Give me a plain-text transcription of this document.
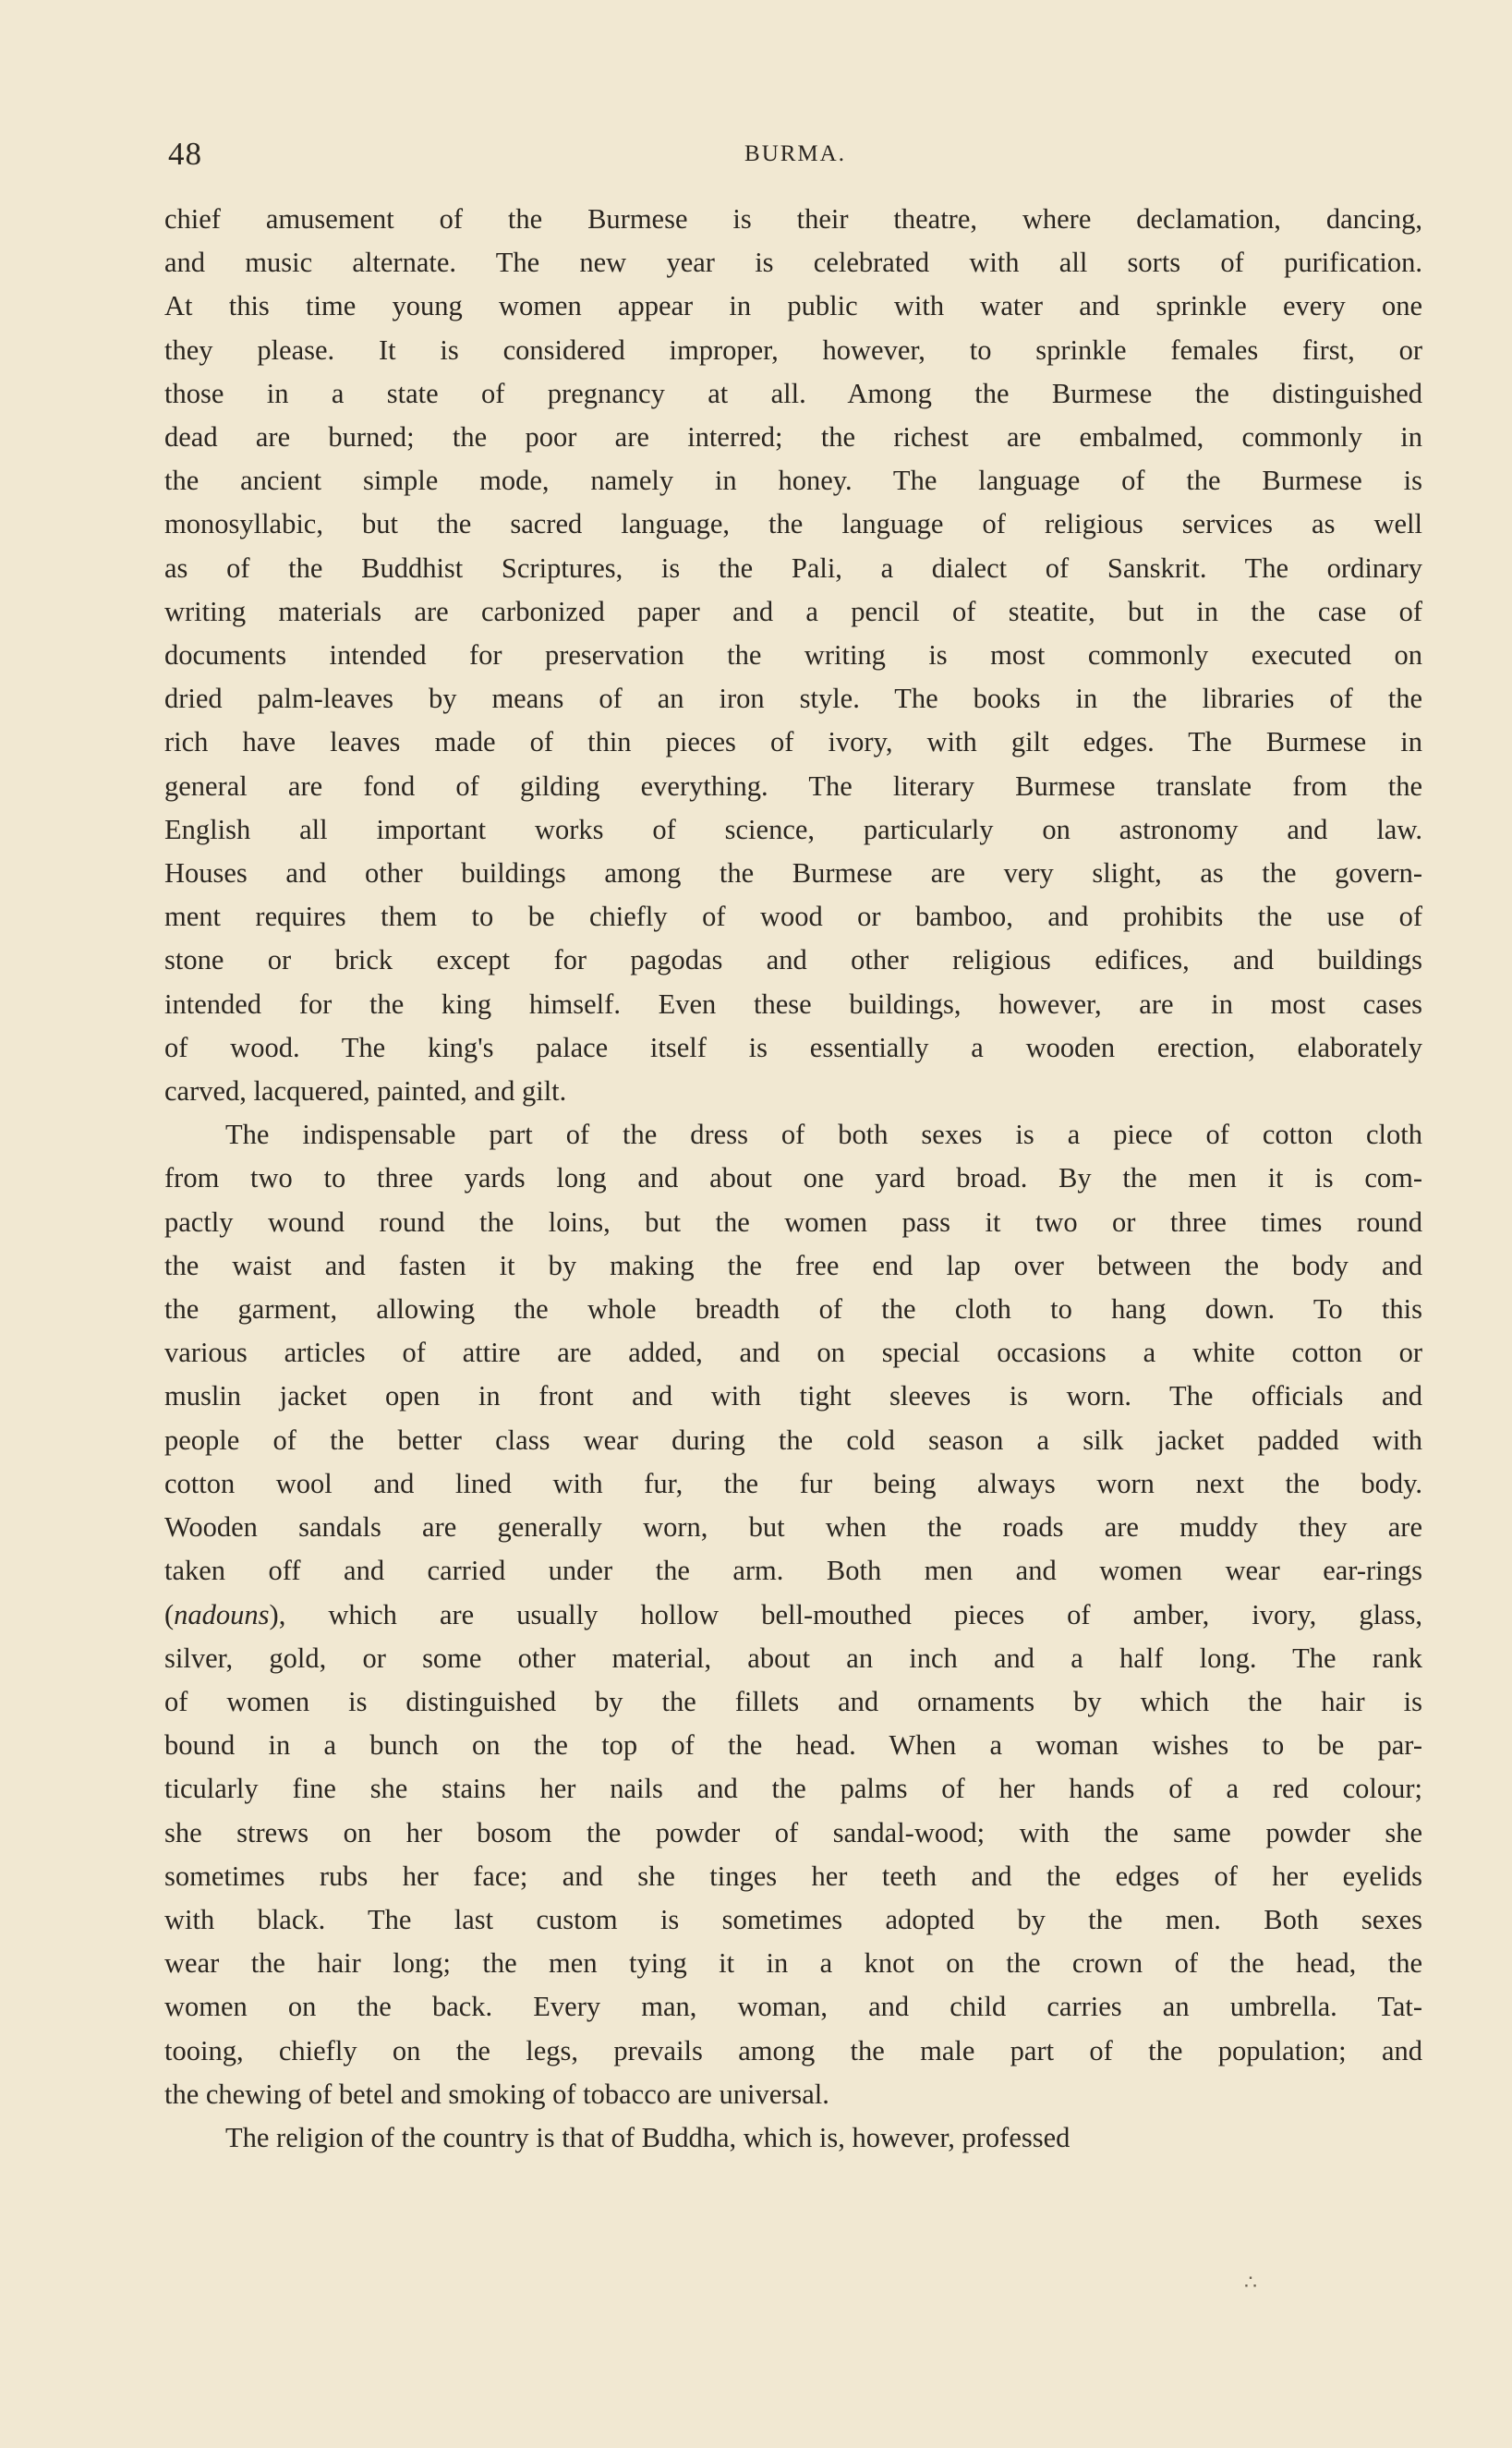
48	BURMA.
chief amusement of the Burmese is their theatre, where declamation, dancing,
and music alternate. The new year is celebrated with all sorts of purification.
At this time young women appear in public with water and sprinkle every one
they please. It is considered improper, however, to sprinkle females first, or
those in a state of pregnancy at all. Among the Burmese the distinguished
dead are burned; the poor are interred; the richest are embalmed, commonly in
the ancient simple mode, namely in honey. The language of the Burmese is
monosyllabic, but the sacred language, the language of religious services as well
as of the Buddhist Scriptures, is the Pali, a dialect of Sanskrit. The ordinary
writing materials are carbonized paper and a pencil of steatite, but in the case of
documents intended for preservation the writing is most commonly executed on
dried palm-leaves by means of an iron style. The books in the libraries of the
rich have leaves made of thin pieces of ivory, with gilt edges. The Burmese in
general are fond of gilding everything. The literary Burmese translate from the
English all important works of science, particularly on astronomy and law.
Houses and other buildings among the Burmese are very slight, as the govern-
ment requires them to be chiefly of wood or bamboo, and prohibits the use of
stone or brick except for pagodas and other religious edifices, and buildings
intended for the king himself. Even these buildings, however, are in most cases
of wood. The king's palace itself is essentially a wooden erection, elaborately
carved, lacquered, painted, and gilt.
The indispensable part of the dress of both sexes is a piece of cotton cloth
from two to three yards long and about one yard broad. By the men it is com-
pactly wound round the loins, but the women pass it two or three times round
the waist and fasten it by making the free end lap over between the body and
the garment, allowing the whole breadth of the cloth to hang down. To this
various articles of attire are added, and on special occasions a white cotton or
muslin jacket open in front and with tight sleeves is worn. The officials and
people of the better class wear during the cold season a silk jacket padded with
cotton wool and lined with fur, the fur being always worn next the body.
Wooden sandals are generally worn, but when the roads are muddy they are
taken off and carried under the arm. Both men and women wear ear-rings
(nadouns), which are usually hollow bell-mouthed pieces of amber, ivory, glass,
silver, gold, or some other material, about an inch and a half long. The rank
of women is distinguished by the fillets and ornaments by which the hair is
bound in a bunch on the top of the head. When a woman wishes to be par-
ticularly fine she stains her nails and the palms of her hands of a red colour;
she strews on her bosom the powder of sandal-wood; with the same powder she
sometimes rubs her face; and she tinges her teeth and the edges of her eyelids
with black. The last custom is sometimes adopted by the men. Both sexes
wear the hair long; the men tying it in a knot on the crown of the head, the
women on the back. Every man, woman, and child carries an umbrella. Tat-
tooing, chiefly on the legs, prevails among the male part of the population; and
the chewing of betel and smoking of tobacco are universal.
The religion of the country is that of Buddha, which is, however, professed
∴
